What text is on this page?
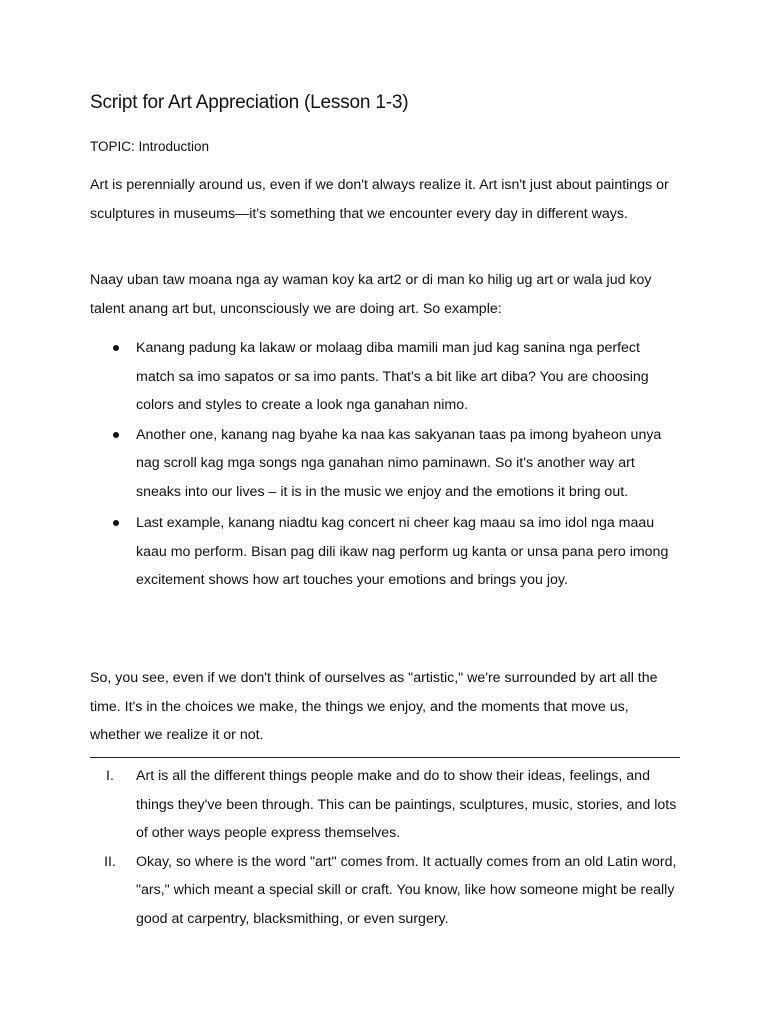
Script for Art Appreciation (Lesson 1-3)
TOPIC: Introduction

Art is perennially around us, even if we don't always realize it. Art isn't just about paintings or sculptures in museums—it's something that we encounter every day in different ways.

Naay uban taw moana nga ay waman koy ka art2 or di man ko hilig ug art or wala jud koy talent anang art but, unconsciously we are doing art. So example:

Kanang padung ka lakaw or molaag diba mamili man jud kag sanina nga perfect match sa imo sapatos or sa imo pants. That's a bit like art diba? You are choosing colors and styles to create a look nga ganahan nimo.
Another one, kanang nag byahe ka naa kas sakyanan taas pa imong byaheon unya nag scroll kag mga songs nga ganahan nimo paminawn. So it's another way art sneaks into our lives – it is in the music we enjoy and the emotions it bring out.
Last example, kanang niadtu kag concert ni cheer kag maau sa imo idol nga maau kaau mo perform. Bisan pag dili ikaw nag perform ug kanta or unsa pana pero imong excitement shows how art touches your emotions and brings you joy.

So, you see, even if we don't think of ourselves as "artistic," we're surrounded by art all the time. It's in the choices we make, the things we enjoy, and the moments that move us, whether we realize it or not.

I.	Art is all the different things people make and do to show their ideas, feelings, and things they've been through. This can be paintings, sculptures, music, stories, and lots of other ways people express themselves.
II.	Okay, so where is the word "art" comes from. It actually comes from an old Latin word, "ars," which meant a special skill or craft. You know, like how someone might be really good at carpentry, blacksmithing, or even surgery.
